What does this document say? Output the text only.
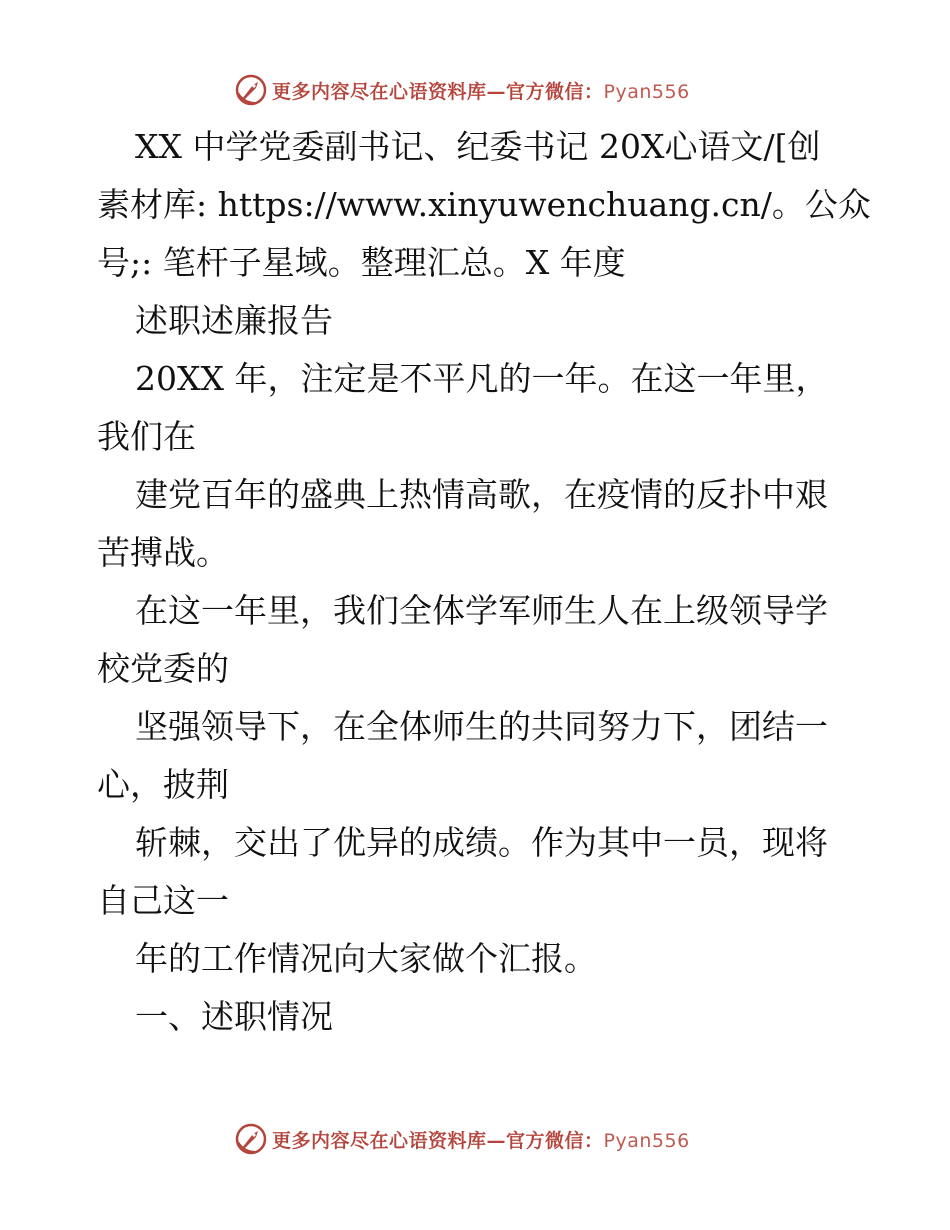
更多内容尽在心语资料库—官方微信：Pyan556
XX 中学党委副书记、纪委书记 20X心语文/[创
素材库: https://www.xinyuwenchuang.cn/。公众
号;: 笔杆子星域。整理汇总。X 年度
述职述廉报告
20XX 年，注定是不平凡的一年。在这一年里，
我们在
建党百年的盛典上热情高歌，在疫情的反扑中艰
苦搏战。
在这一年里，我们全体学军师生人在上级领导学
校党委的
坚强领导下，在全体师生的共同努力下，团结一
心，披荆
斩棘，交出了优异的成绩。作为其中一员，现将
自己这一
年的工作情况向大家做个汇报。
一、述职情况
更多内容尽在心语资料库—官方微信：Pyan556
